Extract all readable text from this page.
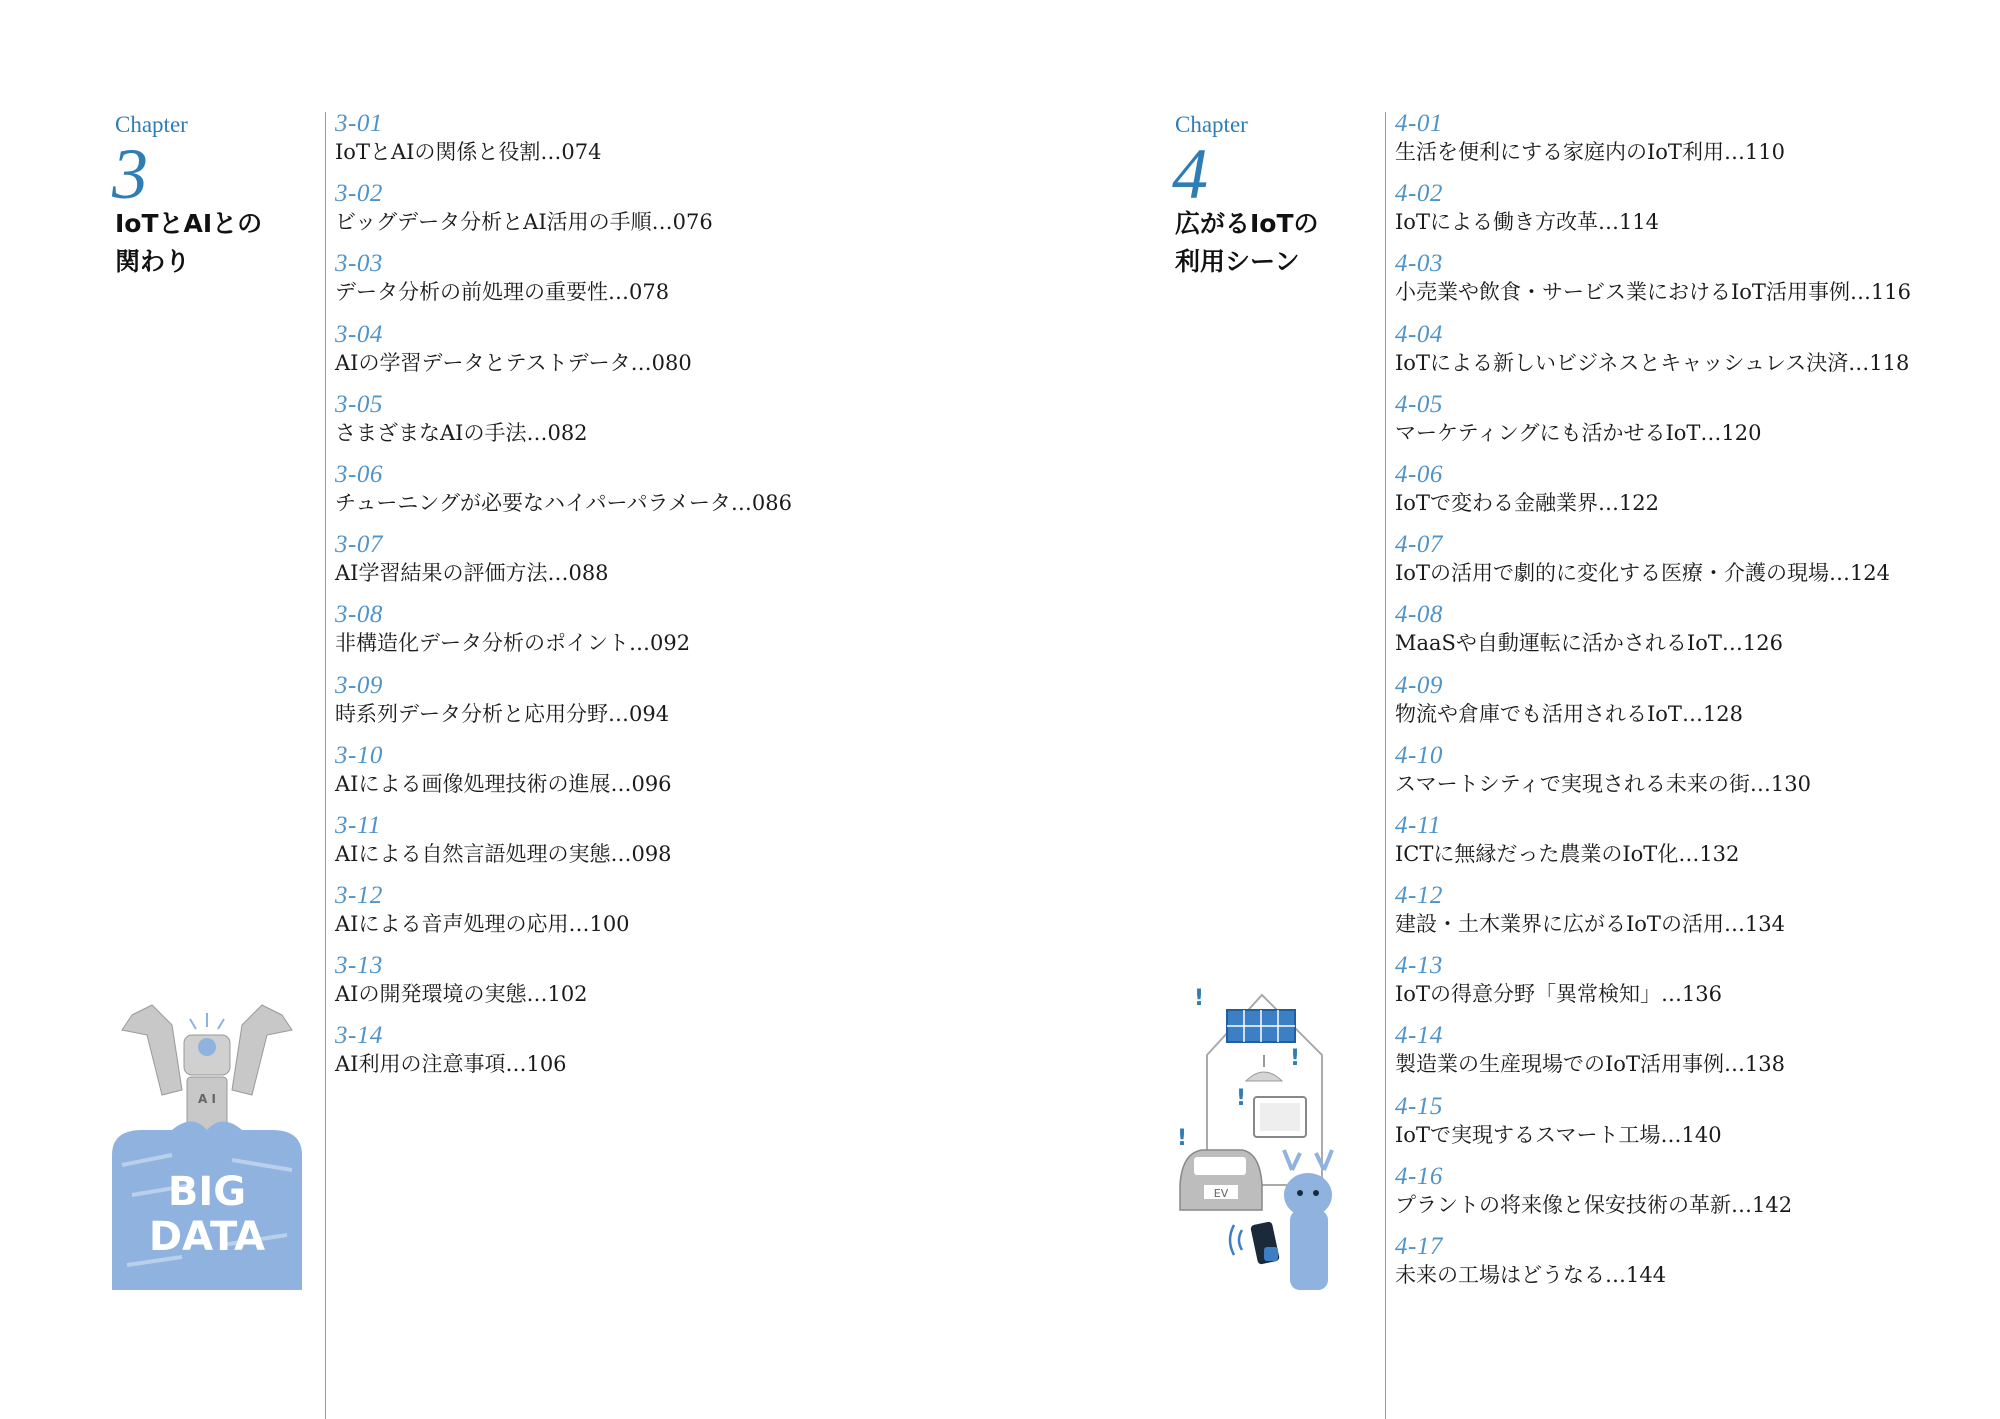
Chapter
3
IoTとAIとの
関わり
3-01
IoTとAIの関係と役割…074
3-02
ビッグデータ分析とAI活用の手順…076
3-03
データ分析の前処理の重要性…078
3-04
AIの学習データとテストデータ…080
3-05
さまざまなAIの手法…082
3-06
チューニングが必要なハイパーパラメータ…086
3-07
AI学習結果の評価方法…088
3-08
非構造化データ分析のポイント…092
3-09
時系列データ分析と応用分野…094
3-10
AIによる画像処理技術の進展…096
3-11
AIによる自然言語処理の実態…098
3-12
AIによる音声処理の応用…100
3-13
AIの開発環境の実態…102
3-14
AI利用の注意事項…106
A I
BIG
DATA
Chapter
4
広がるIoTの
利用シーン
4-01
生活を便利にする家庭内のIoT利用…110
4-02
IoTによる働き方改革…114
4-03
小売業や飲食・サービス業におけるIoT活用事例…116
4-04
IoTによる新しいビジネスとキャッシュレス決済…118
4-05
マーケティングにも活かせるIoT…120
4-06
IoTで変わる金融業界…122
4-07
IoTの活用で劇的に変化する医療・介護の現場…124
4-08
MaaSや自動運転に活かされるIoT…126
4-09
物流や倉庫でも活用されるIoT…128
4-10
スマートシティで実現される未来の街…130
4-11
ICTに無縁だった農業のIoT化…132
4-12
建設・土木業界に広がるIoTの活用…134
4-13
IoTの得意分野「異常検知」…136
4-14
製造業の生産現場でのIoT活用事例…138
4-15
IoTで実現するスマート工場…140
4-16
プラントの将来像と保安技術の革新…142
4-17
未来の工場はどうなる…144
!
!
!
!
EV
